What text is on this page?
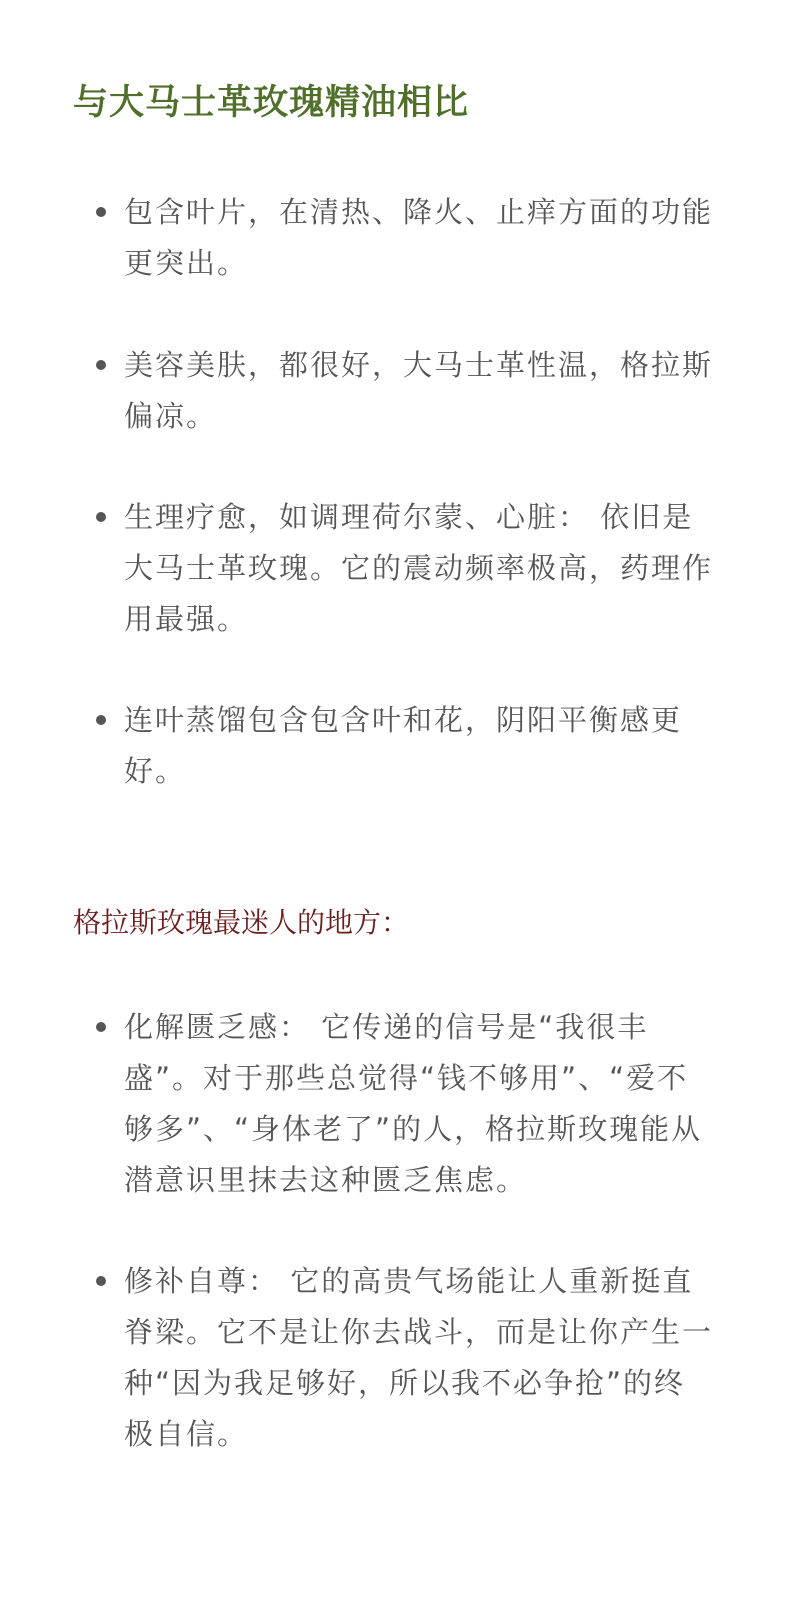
与大马士革玫瑰精油相比

包含叶片，在清热、降火、止痒方面的功能更突出。

美容美肤，都很好，大马士革性温，格拉斯偏凉。

生理疗愈，如调理荷尔蒙、心脏： 依旧是大马士革玫瑰。它的震动频率极高，药理作用最强。

连叶蒸馏包含包含叶和花，阴阳平衡感更好。

格拉斯玫瑰最迷人的地方：

化解匮乏感： 它传递的信号是“我很丰盛”。对于那些总觉得“钱不够用”、“爱不够多”、“身体老了”的人，格拉斯玫瑰能从潜意识里抹去这种匮乏焦虑。

修补自尊： 它的高贵气场能让人重新挺直脊梁。它不是让你去战斗，而是让你产生一种“因为我足够好，所以我不必争抢”的终极自信。
